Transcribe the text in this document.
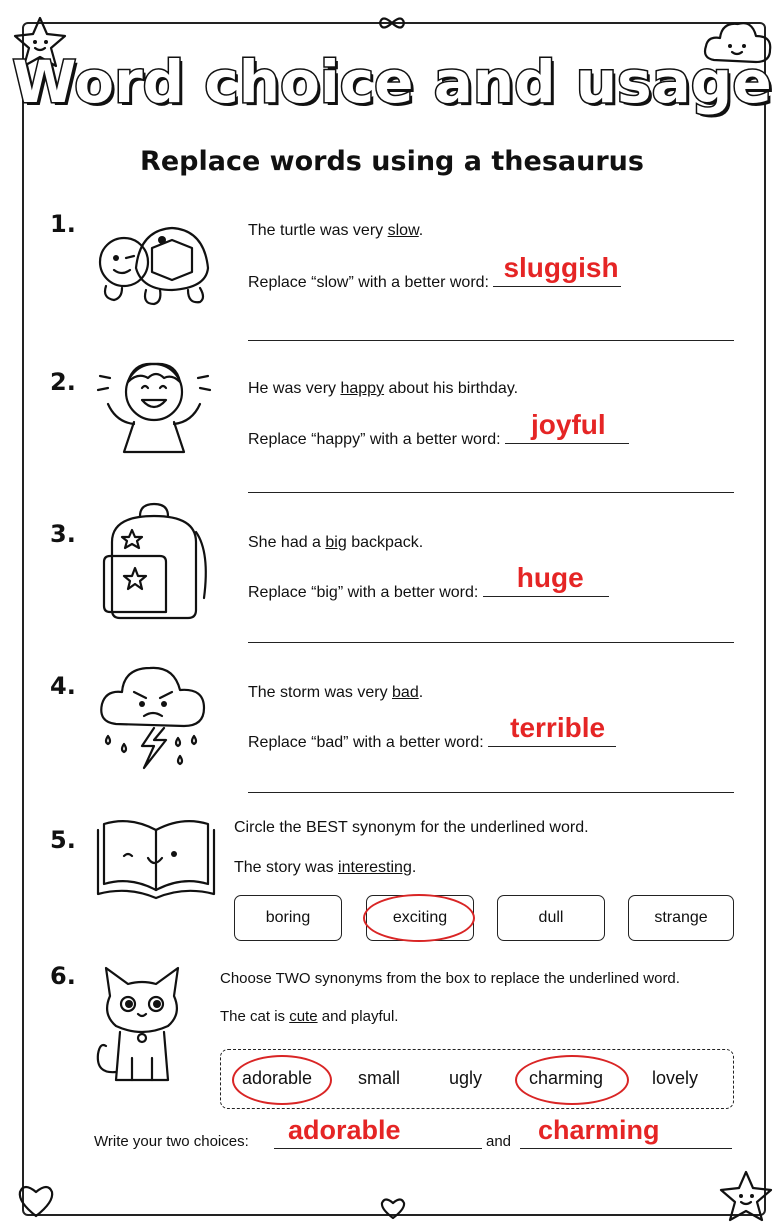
Word choice and usage
Replace words using a thesaurus
1.	The turtle was very slow.
Replace “slow” with a better word: sluggish
2.	He was very happy about his birthday.
Replace “happy” with a better word: joyful
3.	She had a big backpack.
Replace “big” with a better word: huge
4.	The storm was very bad.
Replace “bad” with a better word: terrible
5.	Circle the BEST synonym for the underlined word.
The story was interesting.
boring	exciting	dull	strange
6.	Choose TWO synonyms from the box to replace the underlined word.
The cat is cute and playful.
adorable	small	ugly	charming	lovely
Write your two choices: adorable	and charming
